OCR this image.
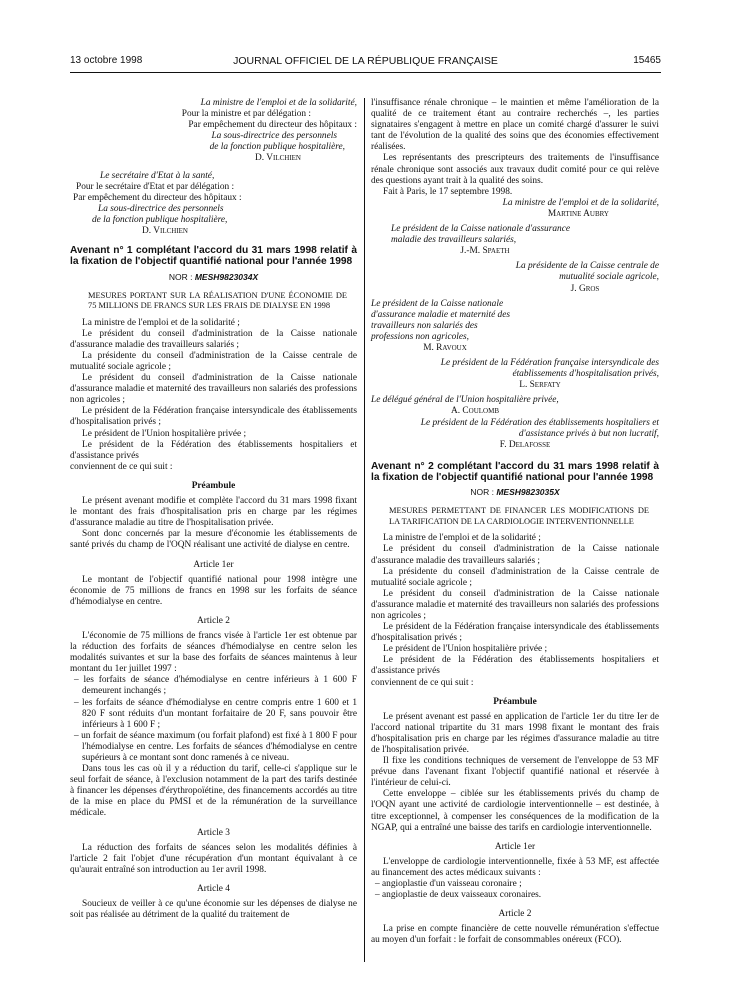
13 octobre 1998	JOURNAL OFFICIEL DE LA RÉPUBLIQUE FRANÇAISE	15465

La ministre de l'emploi et de la solidarité,

Pour la ministre et par délégation :

Par empêchement du directeur des hôpitaux :

La sous-directrice des personnels

de la fonction publique hospitalière,

D. Vilchien

Le secrétaire d'Etat à la santé,

Pour le secrétaire d'Etat et par délégation :

Par empêchement du directeur des hôpitaux :

La sous-directrice des personnels

de la fonction publique hospitalière,

D. Vilchien

Avenant n° 1 complétant l'accord du 31 mars 1998 relatif à la fixation de l'objectif quantifié national pour l'année 1998

NOR : MESH9823034X

MESURES PORTANT SUR LA RÉALISATION D'UNE ÉCONOMIE DE 75 MILLIONS DE FRANCS SUR LES FRAIS DE DIALYSE EN 1998

La ministre de l'emploi et de la solidarité ;

Le président du conseil d'administration de la Caisse nationale d'assurance maladie des travailleurs salariés ;

La présidente du conseil d'administration de la Caisse centrale de mutualité sociale agricole ;

Le président du conseil d'administration de la Caisse nationale d'assurance maladie et maternité des travailleurs non salariés des professions non agricoles ;

Le président de la Fédération française intersyndicale des établissements d'hospitalisation privés ;

Le président de l'Union hospitalière privée ;

Le président de la Fédération des établissements hospitaliers et d'assistance privés

conviennent de ce qui suit :

Préambule

Le présent avenant modifie et complète l'accord du 31 mars 1998 fixant le montant des frais d'hospitalisation pris en charge par les régimes d'assurance maladie au titre de l'hospitalisation privée.

Sont donc concernés par la mesure d'économie les établissements de santé privés du champ de l'OQN réalisant une activité de dialyse en centre.

Article 1er

Le montant de l'objectif quantifié national pour 1998 intègre une économie de 75 millions de francs en 1998 sur les forfaits de séance d'hémodialyse en centre.

Article 2

L'économie de 75 millions de francs visée à l'article 1er est obtenue par la réduction des forfaits de séances d'hémodialyse en centre selon les modalités suivantes et sur la base des forfaits de séances maintenus à leur montant du 1er juillet 1997 :

– les forfaits de séance d'hémodialyse en centre inférieurs à 1 600 F demeurent inchangés ;

– les forfaits de séance d'hémodialyse en centre compris entre 1 600 et 1 820 F sont réduits d'un montant forfaitaire de 20 F, sans pouvoir être inférieurs à 1 600 F ;

– un forfait de séance maximum (ou forfait plafond) est fixé à 1 800 F pour l'hémodialyse en centre. Les forfaits de séances d'hémodialyse en centre supérieurs à ce montant sont donc ramenés à ce niveau.

Dans tous les cas où il y a réduction du tarif, celle-ci s'applique sur le seul forfait de séance, à l'exclusion notamment de la part des tarifs destinée à financer les dépenses d'érythropoïétine, des financements accordés au titre de la mise en place du PMSI et de la rémunération de la surveillance médicale.

Article 3

La réduction des forfaits de séances selon les modalités définies à l'article 2 fait l'objet d'une récupération d'un montant équivalant à ce qu'aurait entraîné son introduction au 1er avril 1998.

Article 4

Soucieux de veiller à ce qu'une économie sur les dépenses de dialyse ne soit pas réalisée au détriment de la qualité du traitement de

l'insuffisance rénale chronique – le maintien et même l'amélioration de la qualité de ce traitement étant au contraire recherchés –, les parties signataires s'engagent à mettre en place un comité chargé d'assurer le suivi tant de l'évolution de la qualité des soins que des économies effectivement réalisées.

Les représentants des prescripteurs des traitements de l'insuffisance rénale chronique sont associés aux travaux dudit comité pour ce qui relève des questions ayant trait à la qualité des soins.

Fait à Paris, le 17 septembre 1998.

La ministre de l'emploi et de la solidarité,

Martine Aubry

Le président de la Caisse nationale d'assurance maladie des travailleurs salariés,

J.-M. Spaeth

La présidente de la Caisse centrale de mutualité sociale agricole,

J. Gros

Le président de la Caisse nationale d'assurance maladie et maternité des travailleurs non salariés des professions non agricoles,

M. Ravoux

Le président de la Fédération française intersyndicale des établissements d'hospitalisation privés,

L. Serfaty

Le délégué général de l'Union hospitalière privée,

A. Coulomb

Le président de la Fédération des établissements hospitaliers et d'assistance privés à but non lucratif,

F. Delafosse

Avenant n° 2 complétant l'accord du 31 mars 1998 relatif à la fixation de l'objectif quantifié national pour l'année 1998

NOR : MESH9823035X

MESURES PERMETTANT DE FINANCER LES MODIFICATIONS DE LA TARIFICATION DE LA CARDIOLOGIE INTERVENTIONNELLE

La ministre de l'emploi et de la solidarité ;

Le président du conseil d'administration de la Caisse nationale d'assurance maladie des travailleurs salariés ;

La présidente du conseil d'administration de la Caisse centrale de mutualité sociale agricole ;

Le président du conseil d'administration de la Caisse nationale d'assurance maladie et maternité des travailleurs non salariés des professions non agricoles ;

Le président de la Fédération française intersyndicale des établissements d'hospitalisation privés ;

Le président de l'Union hospitalière privée ;

Le président de la Fédération des établissements hospitaliers et d'assistance privés

conviennent de ce qui suit :

Préambule

Le présent avenant est passé en application de l'article 1er du titre Ier de l'accord national tripartite du 31 mars 1998 fixant le montant des frais d'hospitalisation pris en charge par les régimes d'assurance maladie au titre de l'hospitalisation privée.

Il fixe les conditions techniques de versement de l'enveloppe de 53 MF prévue dans l'avenant fixant l'objectif quantifié national et réservée à l'intérieur de celui-ci.

Cette enveloppe – ciblée sur les établissements privés du champ de l'OQN ayant une activité de cardiologie interventionnelle – est destinée, à titre exceptionnel, à compenser les conséquences de la modification de la NGAP, qui a entraîné une baisse des tarifs en cardiologie interventionnelle.

Article 1er

L'enveloppe de cardiologie interventionnelle, fixée à 53 MF, est affectée au financement des actes médicaux suivants :

– angioplastie d'un vaisseau coronaire ;

– angioplastie de deux vaisseaux coronaires.

Article 2

La prise en compte financière de cette nouvelle rémunération s'effectue au moyen d'un forfait : le forfait de consommables onéreux (FCO).
